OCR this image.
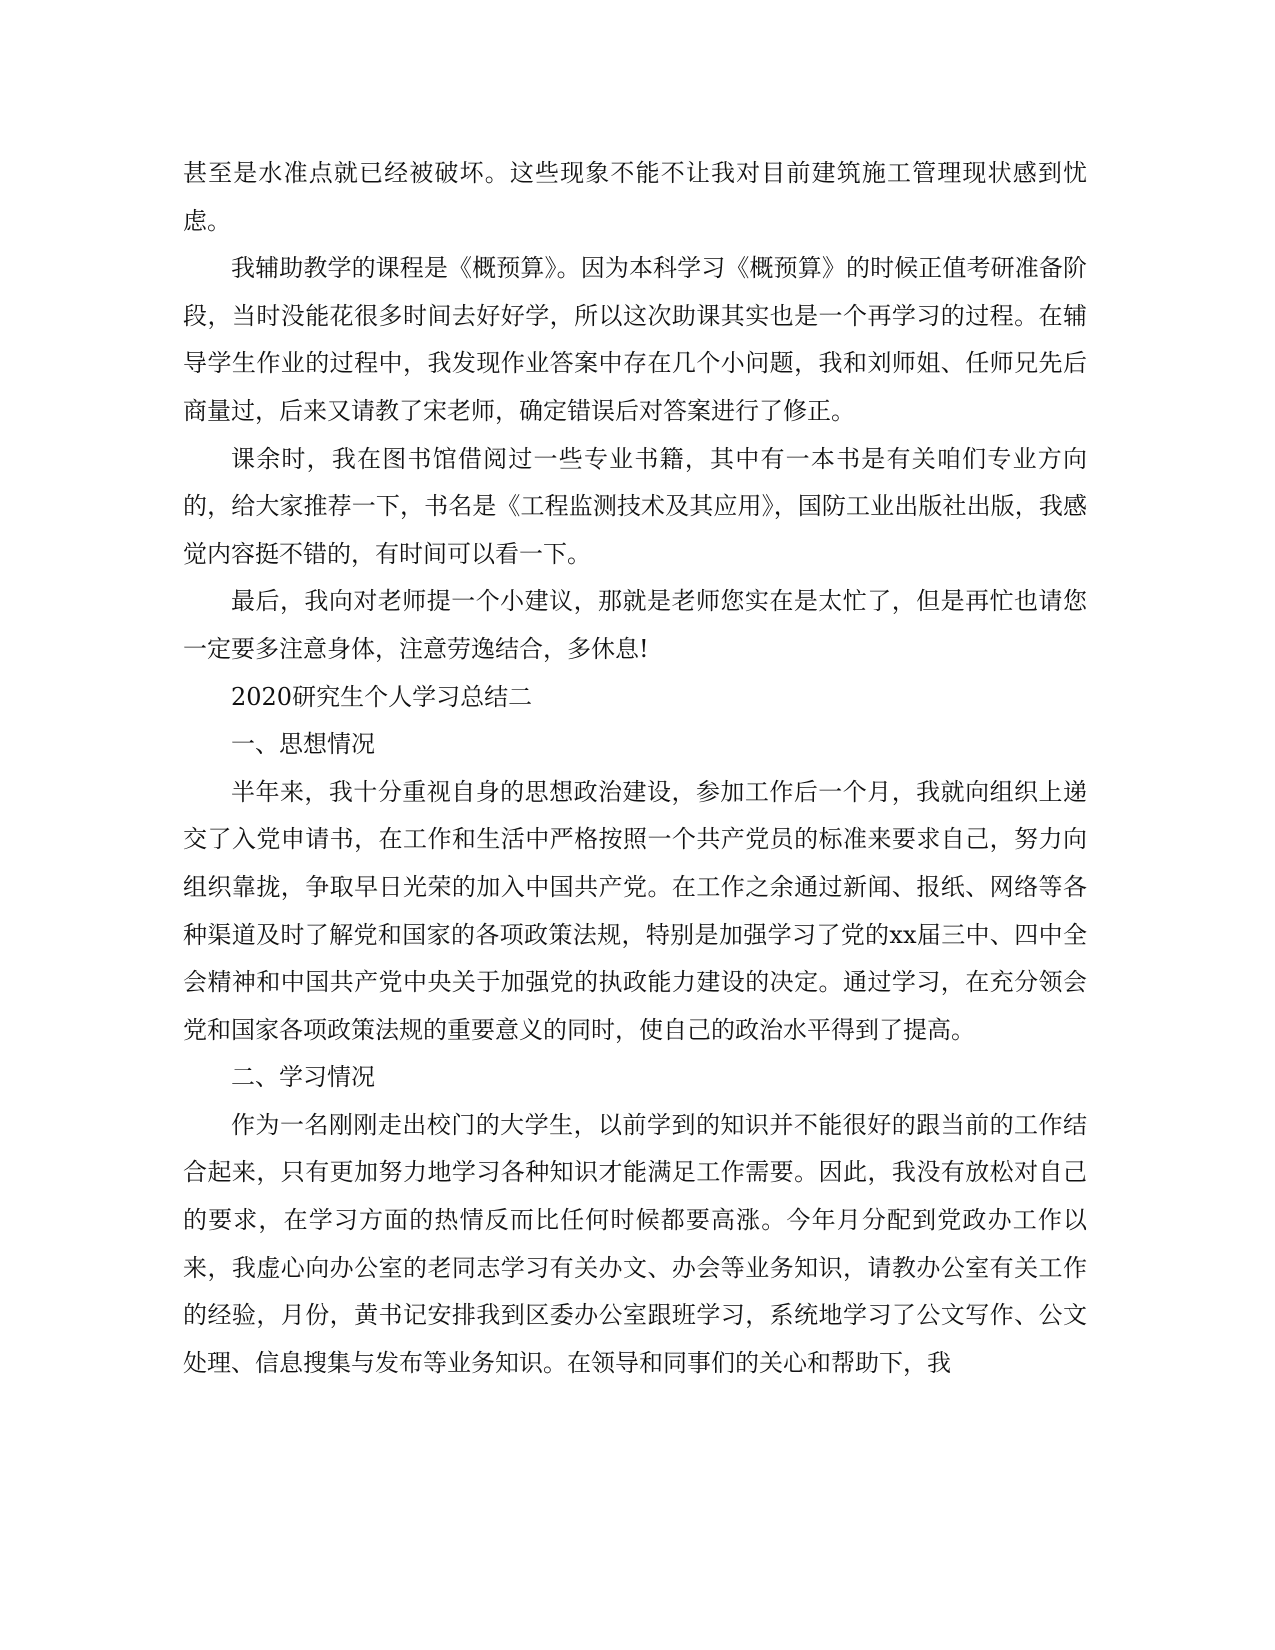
甚至是水准点就已经被破坏。这些现象不能不让我对目前建筑施工管理现状感到忧虑。

我辅助教学的课程是《概预算》。因为本科学习《概预算》的时候正值考研准备阶段，当时没能花很多时间去好好学，所以这次助课其实也是一个再学习的过程。在辅导学生作业的过程中，我发现作业答案中存在几个小问题，我和刘师姐、任师兄先后商量过，后来又请教了宋老师，确定错误后对答案进行了修正。

课余时，我在图书馆借阅过一些专业书籍，其中有一本书是有关咱们专业方向的，给大家推荐一下，书名是《工程监测技术及其应用》，国防工业出版社出版，我感觉内容挺不错的，有时间可以看一下。

最后，我向对老师提一个小建议，那就是老师您实在是太忙了，但是再忙也请您一定要多注意身体，注意劳逸结合，多休息!

2020研究生个人学习总结二

一、思想情况

半年来，我十分重视自身的思想政治建设，参加工作后一个月，我就向组织上递交了入党申请书，在工作和生活中严格按照一个共产党员的标准来要求自己，努力向组织靠拢，争取早日光荣的加入中国共产党。在工作之余通过新闻、报纸、网络等各种渠道及时了解党和国家的各项政策法规，特别是加强学习了党的xx届三中、四中全会精神和中国共产党中央关于加强党的执政能力建设的决定。通过学习，在充分领会党和国家各项政策法规的重要意义的同时，使自己的政治水平得到了提高。

二、学习情况

作为一名刚刚走出校门的大学生，以前学到的知识并不能很好的跟当前的工作结合起来，只有更加努力地学习各种知识才能满足工作需要。因此，我没有放松对自己的要求，在学习方面的热情反而比任何时候都要高涨。今年月分配到党政办工作以来，我虚心向办公室的老同志学习有关办文、办会等业务知识，请教办公室有关工作的经验，月份，黄书记安排我到区委办公室跟班学习，系统地学习了公文写作、公文处理、信息搜集与发布等业务知识。在领导和同事们的关心和帮助下，我
